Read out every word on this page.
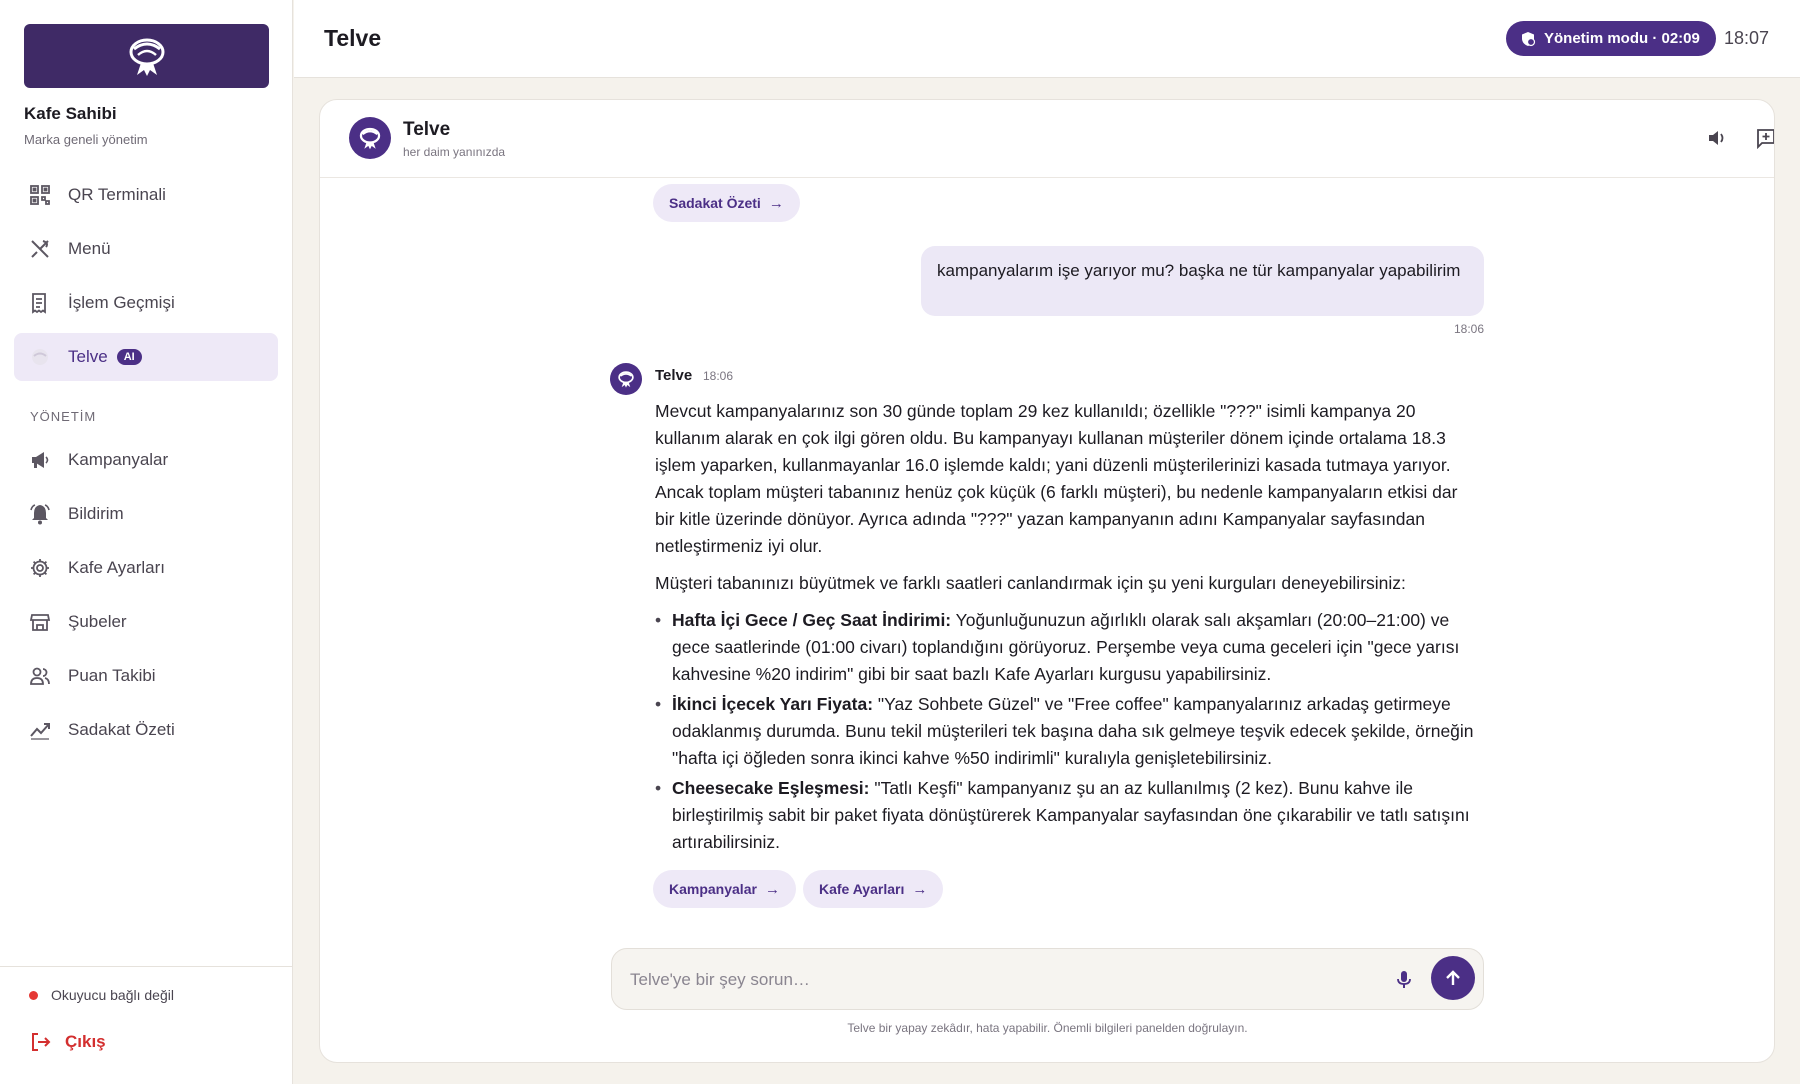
Kafe Sahibi
Marka geneli yönetim
QR Terminali
Menü
İşlem Geçmişi
Telve	AI
YÖNETİM
Kampanyalar
Bildirim
Kafe Ayarları
Şubeler
Puan Takibi
Sadakat Özeti
Okuyucu bağlı değil
Çıkış
Telve	Yönetim modu · 02:09 18:07
Telve
her daim yanınızda
Sadakat Özeti →
kampanyalarım işe yarıyor mu? başka ne tür kampanyalar yapabilirim
18:06
Telve 18:06

Mevcut kampanyalarınız son 30 günde toplam 29 kez kullanıldı; özellikle "???" isimli kampanya 20 kullanım alarak en çok ilgi gören oldu. Bu kampanyayı kullanan müşteriler dönem içinde ortalama 18.3 işlem yaparken, kullanmayanlar 16.0 işlemde kaldı; yani düzenli müşterilerinizi kasada tutmaya yarıyor. Ancak toplam müşteri tabanınız henüz çok küçük (6 farklı müşteri), bu nedenle kampanyaların etkisi dar bir kitle üzerinde dönüyor. Ayrıca adında "???" yazan kampanyanın adını Kampanyalar sayfasından netleştirmeniz iyi olur.

Müşteri tabanınızı büyütmek ve farklı saatleri canlandırmak için şu yeni kurguları deneyebilirsiniz:

• Hafta İçi Gece / Geç Saat İndirimi: Yoğunluğunuzun ağırlıklı olarak salı akşamları (20:00–21:00) ve gece saatlerinde (01:00 civarı) toplandığını görüyoruz. Perşembe veya cuma geceleri için "gece yarısı kahvesine %20 indirim" gibi bir saat bazlı Kafe Ayarları kurgusu yapabilirsiniz.
• İkinci İçecek Yarı Fiyata: "Yaz Sohbete Güzel" ve "Free coffee" kampanyalarınız arkadaş getirmeye odaklanmış durumda. Bunu tekil müşterileri tek başına daha sık gelmeye teşvik edecek şekilde, örneğin "hafta içi öğleden sonra ikinci kahve %50 indirimli" kuralıyla genişletebilirsiniz.
• Cheesecake Eşleşmesi: "Tatlı Keşfi" kampanyanız şu an az kullanılmış (2 kez). Bunu kahve ile birleştirilmiş sabit bir paket fiyata dönüştürerek Kampanyalar sayfasından öne çıkarabilir ve tatlı satışını artırabilirsiniz.
Kampanyalar →	Kafe Ayarları →
Telve'ye bir şey sorun…
Telve bir yapay zekâdır, hata yapabilir. Önemli bilgileri panelden doğrulayın.
